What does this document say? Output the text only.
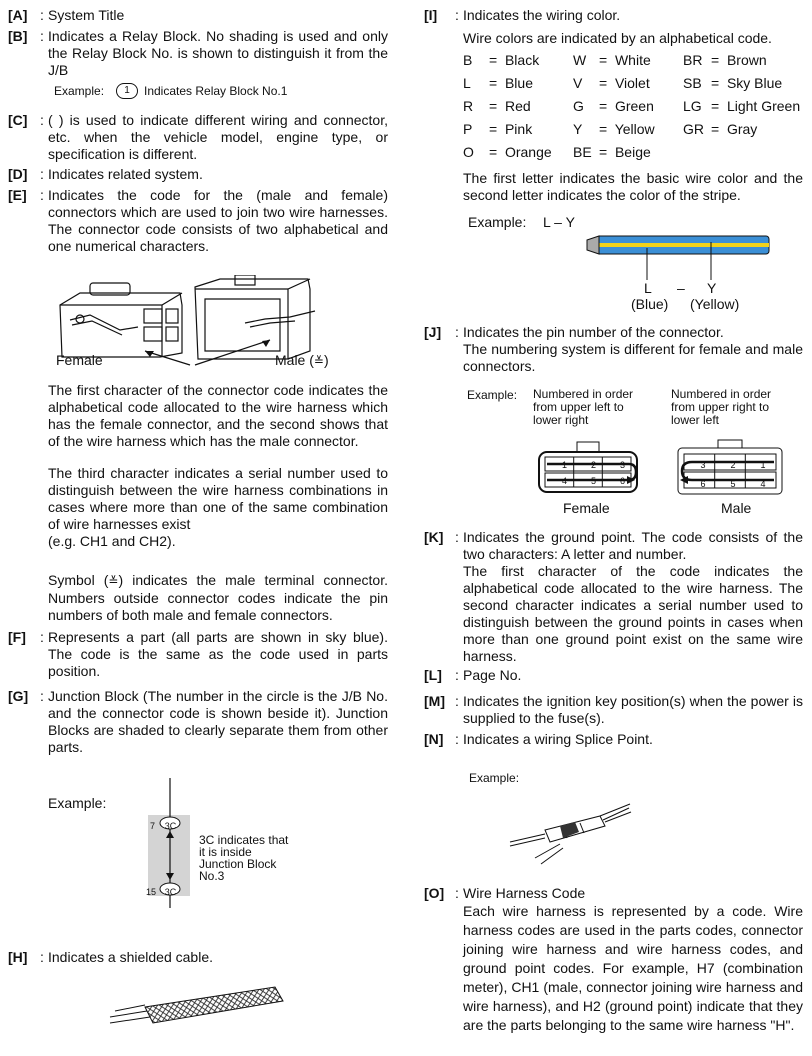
[A] : System Title
[B] : Indicates a Relay Block. No shading is used and only the Relay Block No. is shown to distinguish it from the J/B
Example:	1	Indicates Relay Block No.1
[C] : ( ) is used to indicate different wiring and connector, etc. when the vehicle model, engine type, or specification is different.
[D] : Indicates related system.
[E] : Indicates the code for the (male and female) connectors which are used to join two wire harnesses. The connector code consists of two alphabetical and one numerical characters.
Female	Male (≚)
The first character of the connector code indicates the alphabetical code allocated to the wire harness which has the female connector, and the second shows that of the wire harness which has the male connector.
The third character indicates a serial number used to distinguish between the wire harness combinations in cases where more than one of the same combination of wire harnesses exist
(e.g. CH1 and CH2).
Symbol (≚) indicates the male terminal connector. Numbers outside connector codes indicate the pin numbers of both male and female connectors.
[F] : Represents a part (all parts are shown in sky blue). The code is the same as the code used in parts position.
[G] : Junction Block (The number in the circle is the J/B No. and the connector code is shown beside it). Junction Blocks are shaded to clearly separate them from other parts.
Example:
3C
3C
7
15
3C indicates that
it is inside
Junction Block
No.3
[H] : Indicates a shielded cable.
[I] : Indicates the wiring color.
Wire colors are indicated by an alphabetical code.
B	=  Black	W	=  White	BR	=  Brown
L	=  Blue	V	=  Violet	SB	=  Sky Blue
R	=  Red	G	=  Green	LG	=  Light Green
P	=  Pink	Y	=  Yellow	GR	=  Gray
O	=  Orange	BE	=  Beige		
The first letter indicates the basic wire color and the second letter indicates the color of the stripe.
Example: L – Y
L – Y
(Blue) (Yellow)
[J] : Indicates the pin number of the connector.
The numbering system is different for female and male connectors.
Example: Numbered in order
from upper left to
lower right
Numbered in order
from upper right to
lower left
1	2	3
4	5	6
Female
3	2	1
6	5	4
Male
[K] : Indicates the ground point. The code consists of the two characters: A letter and number.
The first character of the code indicates the alphabetical code allocated to the wire harness. The second character indicates a serial number used to distinguish between the ground points in cases when more than one ground point exist on the same wire harness.
[L] : Page No.
[M] : Indicates the ignition key position(s) when the power is supplied to the fuse(s).
[N] : Indicates a wiring Splice Point.
Example:
[O] : Wire Harness Code
Each wire harness is represented by a code. Wire harness codes are used in the parts codes, connector joining wire harness and wire harness codes, and ground point codes. For example, H7 (combination meter), CH1 (male, connector joining wire harness and wire harness), and H2 (ground point) indicate that they are the parts belonging to the same wire harness "H".
